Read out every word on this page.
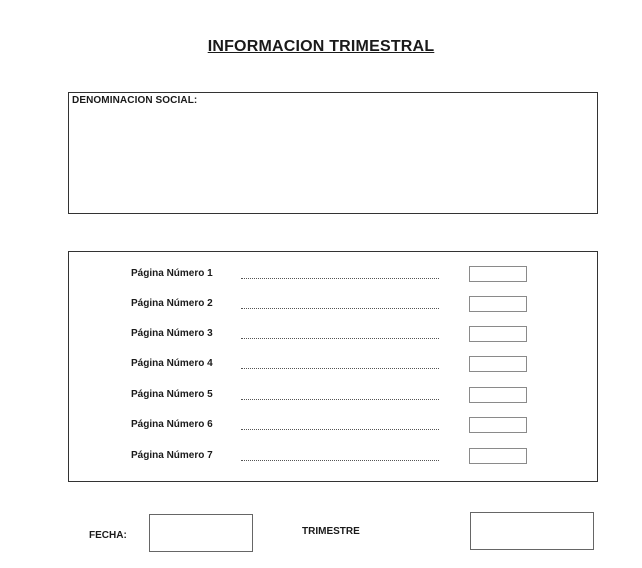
INFORMACION TRIMESTRAL
DENOMINACION SOCIAL:
Página Número 1
Página Número 2
Página Número 3
Página Número 4
Página Número 5
Página Número 6
Página Número 7
FECHA:	TRIMESTRE
